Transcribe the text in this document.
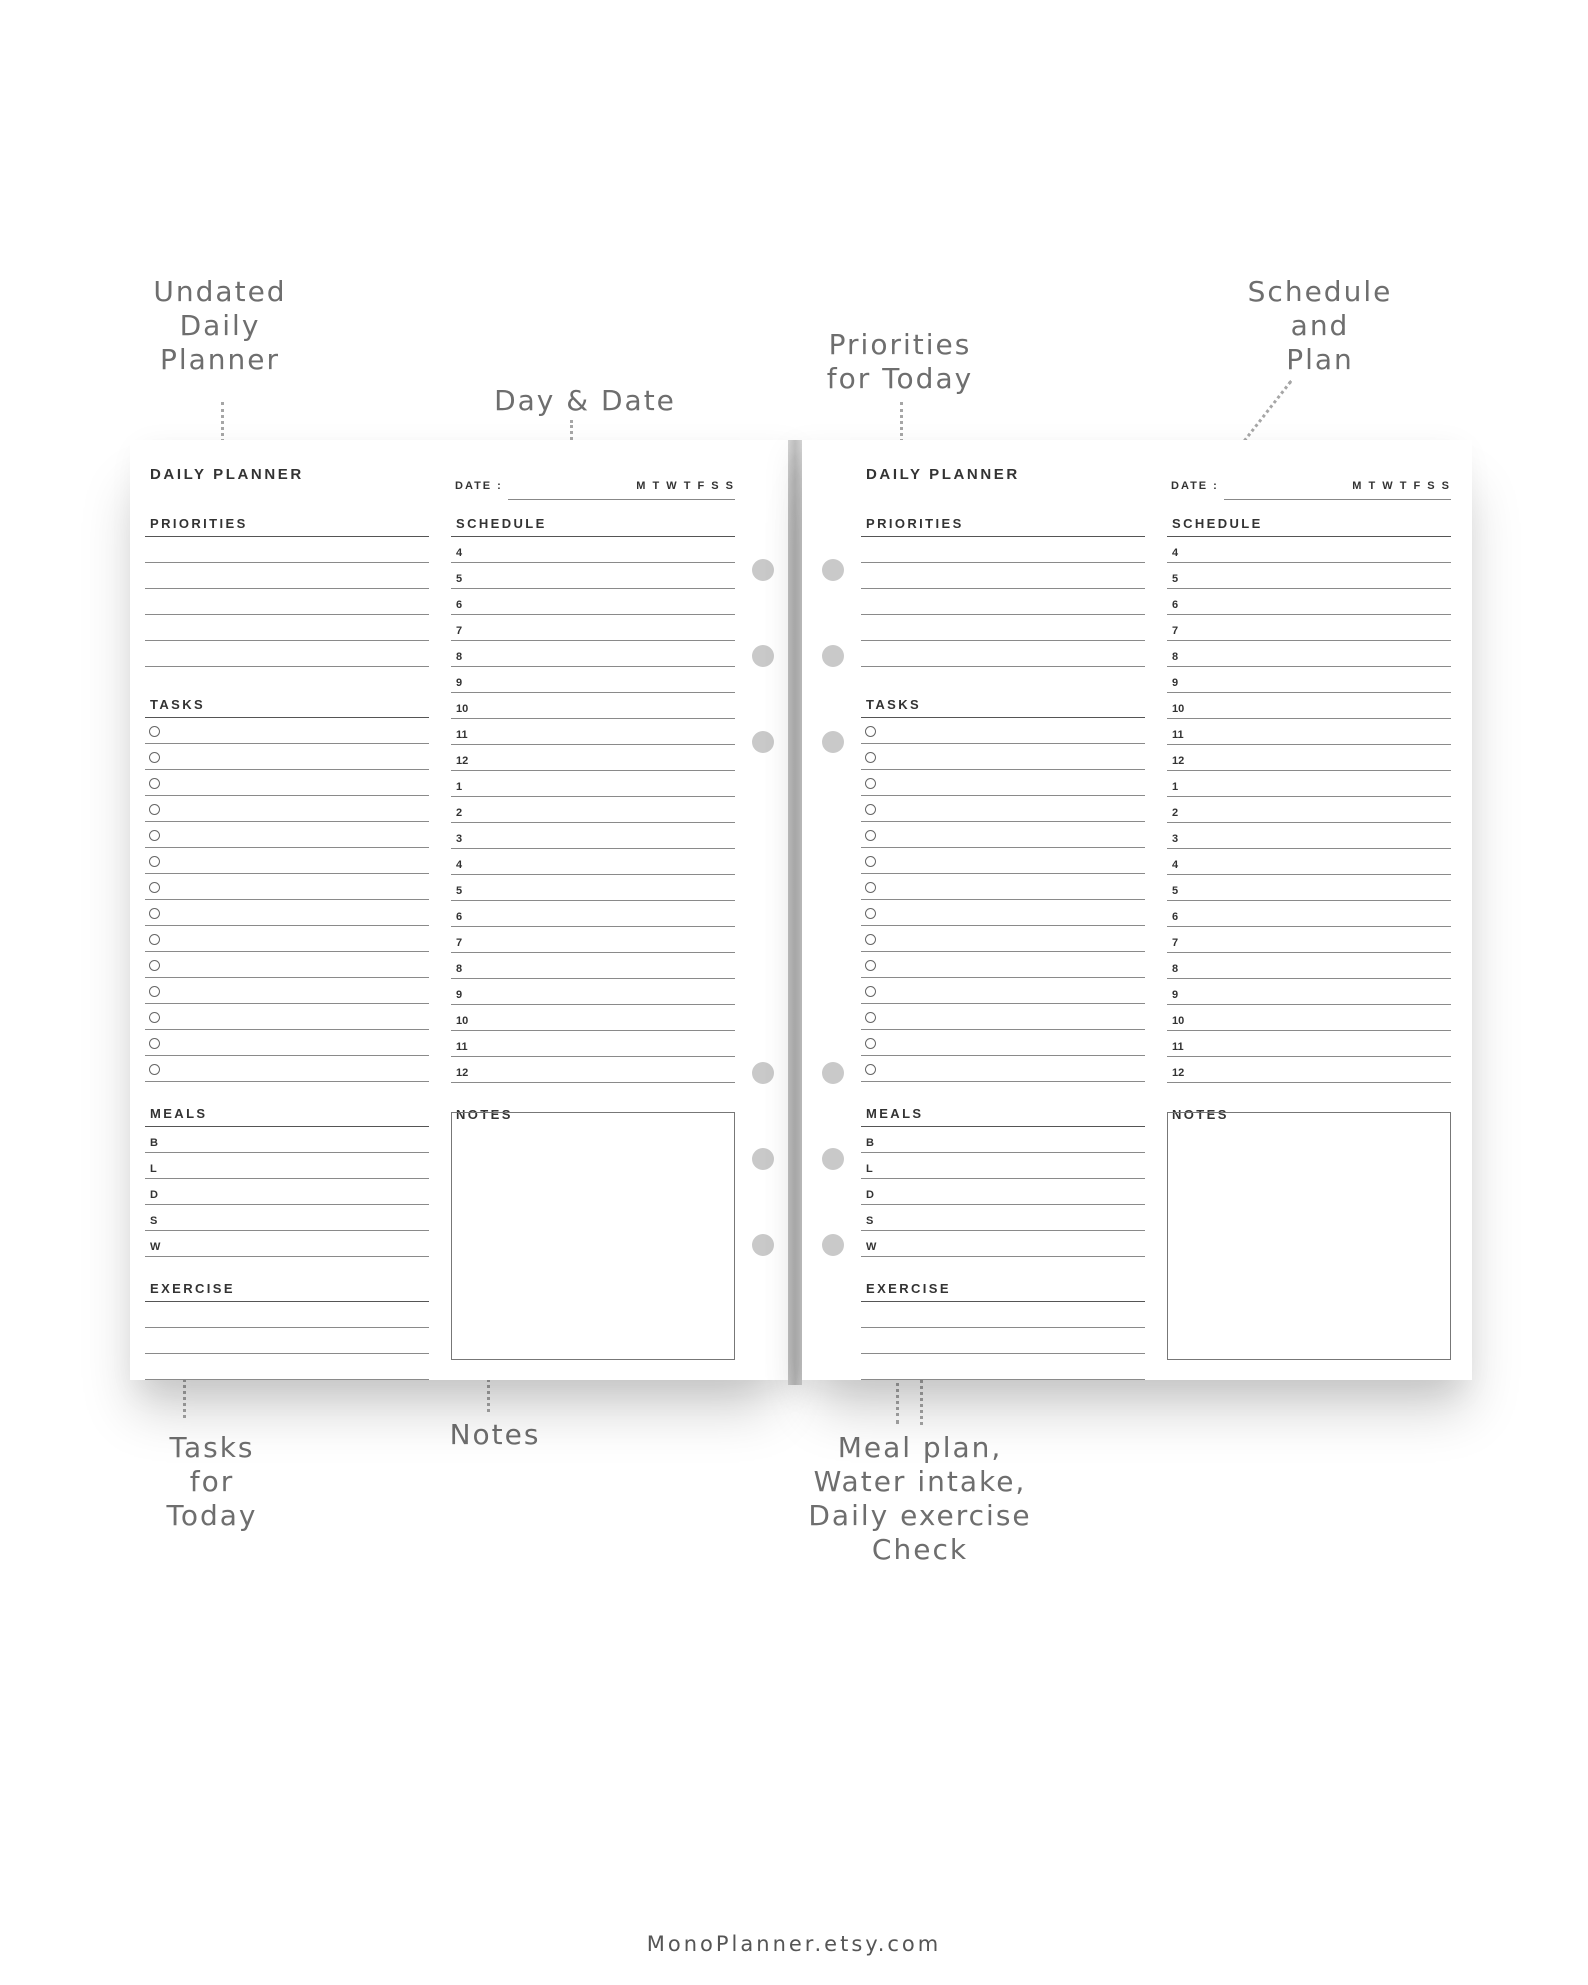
Undated
Daily
Planner
Day & Date
Priorities
for Today
Schedule
and
Plan
Tasks
for
Today
Notes	Meal plan,
Water intake,
Daily exercise
Check
DAILY PLANNER
PRIORITIES
TASKS
MEALS
B
L
D
S
W
EXERCISE
DATE :	M T W T F S S
SCHEDULE
4
5
6
7
8
9
10
11
12
1
2
3
4
5
6
7
8
9
10
11
12
NOTES
DAILY PLANNER
PRIORITIES
TASKS
MEALS
B
L
D
S
W
EXERCISE
DATE :	M T W T F S S
SCHEDULE
4
5
6
7
8
9
10
11
12
1
2
3
4
5
6
7
8
9
10
11
12
NOTES
MonoPlanner.etsy.com
